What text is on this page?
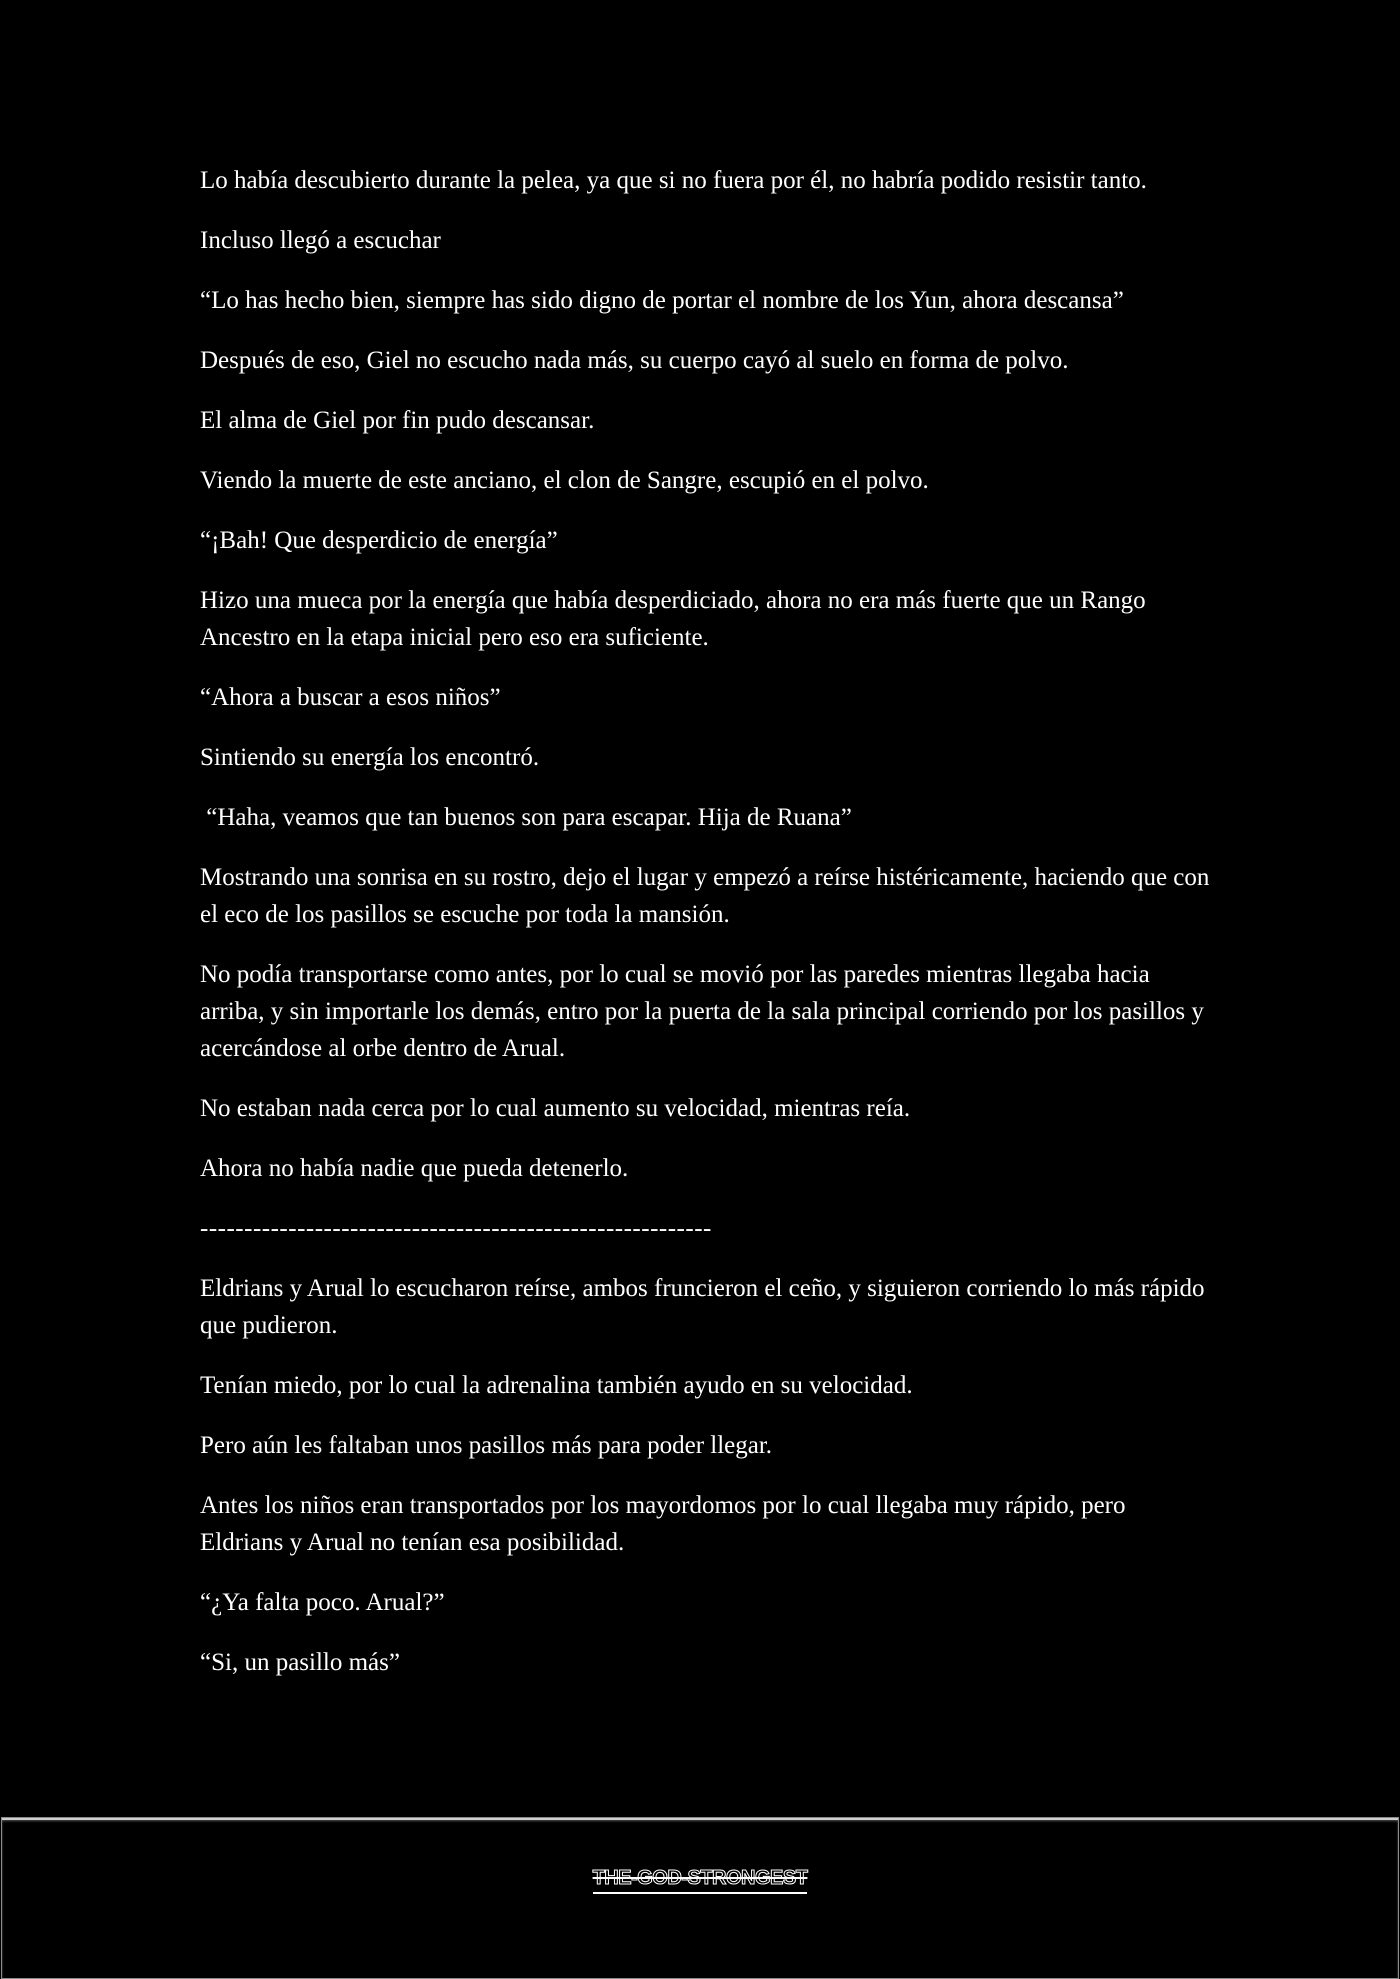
Lo había descubierto durante la pelea, ya que si no fuera por él, no habría podido resistir tanto.

Incluso llegó a escuchar

“Lo has hecho bien, siempre has sido digno de portar el nombre de los Yun, ahora descansa”

Después de eso, Giel no escucho nada más, su cuerpo cayó al suelo en forma de polvo.

El alma de Giel por fin pudo descansar.

Viendo la muerte de este anciano, el clon de Sangre, escupió en el polvo.

“¡Bah! Que desperdicio de energía”

Hizo una mueca por la energía que había desperdiciado, ahora no era más fuerte que un Rango Ancestro en la etapa inicial pero eso era suficiente.

“Ahora a buscar a esos niños”

Sintiendo su energía los encontró.

“Haha, veamos que tan buenos son para escapar. Hija de Ruana”

Mostrando una sonrisa en su rostro, dejo el lugar y empezó a reírse histéricamente, haciendo que con el eco de los pasillos se escuche por toda la mansión.

No podía transportarse como antes, por lo cual se movió por las paredes mientras llegaba hacia arriba, y sin importarle los demás, entro por la puerta de la sala principal corriendo por los pasillos y acercándose al orbe dentro de Arual.

No estaban nada cerca por lo cual aumento su velocidad, mientras reía.

Ahora no había nadie que pueda detenerlo.

----------------------------------------------------------

Eldrians y Arual lo escucharon reírse, ambos fruncieron el ceño, y siguieron corriendo lo más rápido que pudieron.

Tenían miedo, por lo cual la adrenalina también ayudo en su velocidad.

Pero aún les faltaban unos pasillos más para poder llegar.

Antes los niños eran transportados por los mayordomos por lo cual llegaba muy rápido, pero Eldrians y Arual no tenían esa posibilidad.

“¿Ya falta poco. Arual?”

“Si, un pasillo más”

THE-GOD-STRONGEST
